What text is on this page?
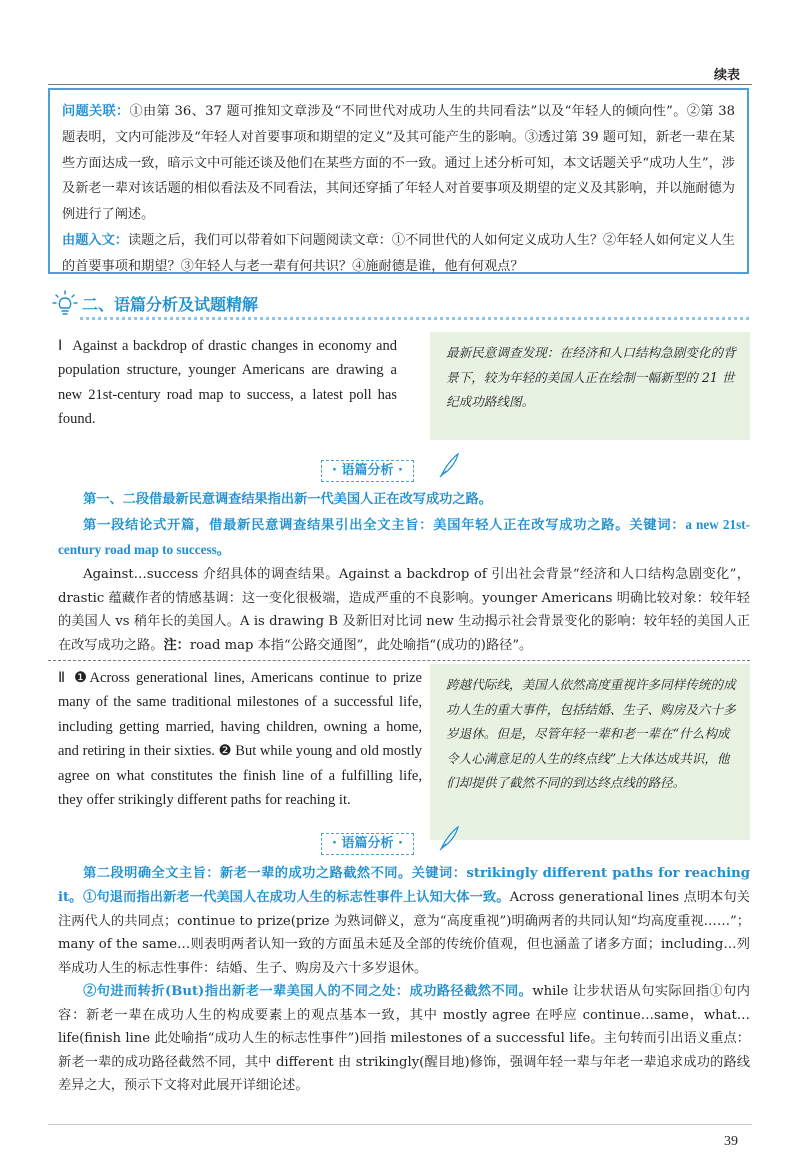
续表

问题关联：①由第 36、37 题可推知文章涉及“不同世代对成功人生的共同看法”以及“年轻人的倾向性”。②第 38 题表明，文内可能涉及“年轻人对首要事项和期望的定义”及其可能产生的影响。③透过第 39 题可知，新老一辈在某些方面达成一致，暗示文中可能还谈及他们在某些方面的不一致。通过上述分析可知，本文话题关乎“成功人生”，涉及新老一辈对该话题的相似看法及不同看法，其间还穿插了年轻人对首要事项及期望的定义及其影响，并以施耐德为例进行了阐述。

由题入文：读题之后，我们可以带着如下问题阅读文章：①不同世代的人如何定义成功人生？②年轻人如何定义人生的首要事项和期望？③年轻人与老一辈有何共识？④施耐德是谁，他有何观点？

二、语篇分析及试题精解
Ⅰ Against a backdrop of drastic changes in economy and population structure, younger Americans are drawing a new 21st-century road map to success, a latest poll has found.
最新民意调查发现：在经济和人口结构急剧变化的背景下，较为年轻的美国人正在绘制一幅新型的 21 世纪成功路线图。
· 语篇分析 ·
第一、二段借最新民意调查结果指出新一代美国人正在改写成功之路。
第一段结论式开篇，借最新民意调查结果引出全文主旨：美国年轻人正在改写成功之路。关键词：a new 21st-century road map to success。
Against…success 介绍具体的调查结果。Against a backdrop of 引出社会背景“经济和人口结构急剧变化”，drastic 蕴藏作者的情感基调：这一变化很极端，造成严重的不良影响。younger Americans 明确比较对象：较年轻的美国人 vs 稍年长的美国人。A is drawing B 及新旧对比词 new 生动揭示社会背景变化的影响：较年轻的美国人正在改写成功之路。注：road map 本指“公路交通图”，此处喻指“(成功的)路径”。
Ⅱ ❶Across generational lines, Americans continue to prize many of the same traditional milestones of a successful life, including getting married, having children, owning a home, and retiring in their sixties. ❷ But while young and old mostly agree on what constitutes the finish line of a fulfilling life, they offer strikingly different paths for reaching it.
跨越代际线，美国人依然高度重视许多同样传统的成功人生的重大事件，包括结婚、生子、购房及六十多岁退休。但是，尽管年轻一辈和老一辈在“什么构成令人心满意足的人生的终点线”上大体达成共识，他们却提供了截然不同的到达终点线的路径。
· 语篇分析 ·
第二段明确全文主旨：新老一辈的成功之路截然不同。关键词：strikingly different paths for reaching it。 ①句退而指出新老一代美国人在成功人生的标志性事件上认知大体一致。Across generational lines 点明本句关注两代人的共同点；continue to prize(prize 为熟词僻义，意为“高度重视”)明确两者的共同认知“均高度重视……”；many of the same…则表明两者认知一致的方面虽未延及全部的传统价值观，但也涵盖了诸多方面；including…列举成功人生的标志性事件：结婚、生子、购房及六十多岁退休。
②句进而转折(But)指出新老一辈美国人的不同之处：成功路径截然不同。while 让步状语从句实际回指①句内容：新老一辈在成功人生的构成要素上的观点基本一致，其中 mostly agree 在呼应 continue…same，what…life(finish line 此处喻指“成功人生的标志性事件”)回指 milestones of a successful life。主句转而引出语义重点：新老一辈的成功路径截然不同，其中 different 由 strikingly(醒目地)修饰，强调年轻一辈与年老一辈追求成功的路线差异之大，预示下文将对此展开详细论述。
39
